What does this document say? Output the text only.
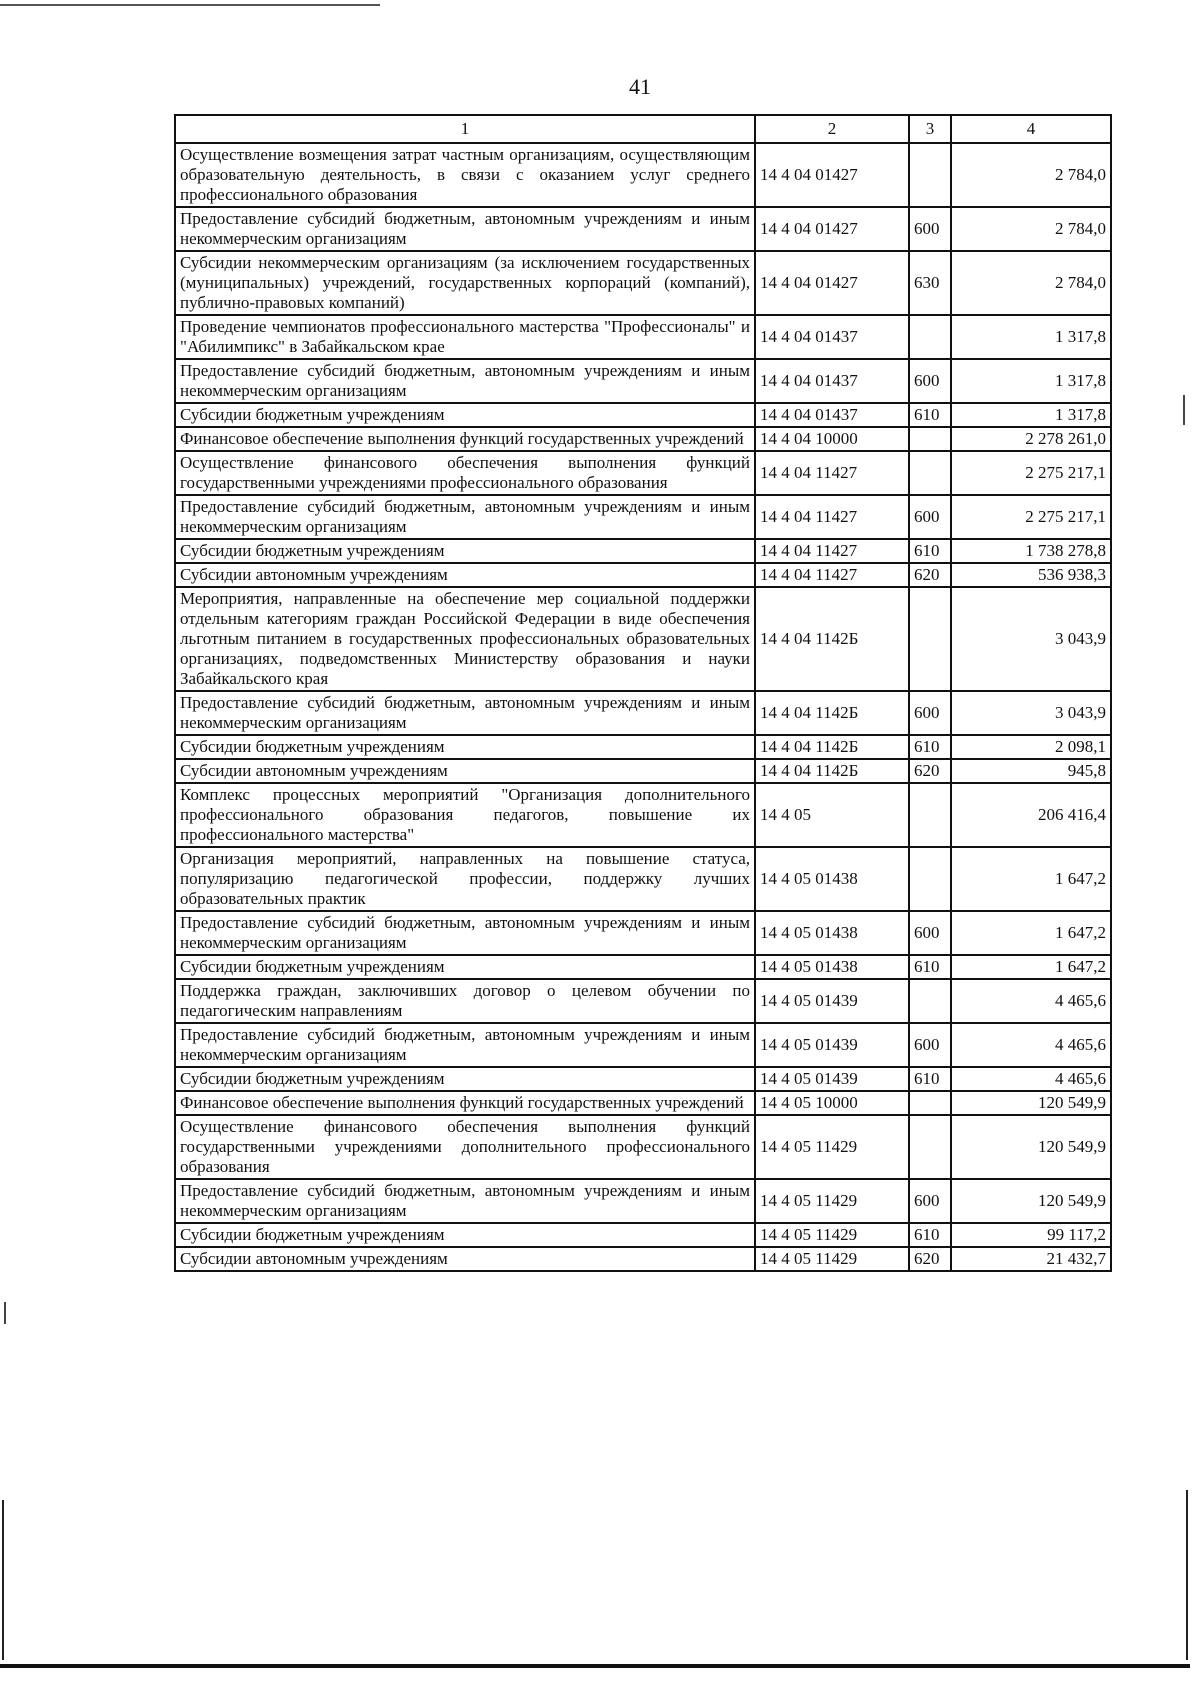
41
1	2	3	4
Осуществление возмещения затрат частным организациям, осуществляющим образовательную деятельность, в связи с оказанием услуг среднего профессионального образования	14 4 04 01427		2 784,0
Предоставление субсидий бюджетным, автономным учреждениям и иным некоммерческим организациям	14 4 04 01427	600	2 784,0
Субсидии некоммерческим организациям (за исключением государственных (муниципальных) учреждений, государственных корпораций (компаний), публично-правовых компаний)	14 4 04 01427	630	2 784,0
Проведение чемпионатов профессионального мастерства "Профессионалы" и "Абилимпикс" в Забайкальском крае	14 4 04 01437		1 317,8
Предоставление субсидий бюджетным, автономным учреждениям и иным некоммерческим организациям	14 4 04 01437	600	1 317,8
Субсидии бюджетным учреждениям	14 4 04 01437	610	1 317,8
Финансовое обеспечение выполнения функций государственных учреждений	14 4 04 10000		2 278 261,0
Осуществление финансового обеспечения выполнения функций государственными учреждениями профессионального образования	14 4 04 11427		2 275 217,1
Предоставление субсидий бюджетным, автономным учреждениям и иным некоммерческим организациям	14 4 04 11427	600	2 275 217,1
Субсидии бюджетным учреждениям	14 4 04 11427	610	1 738 278,8
Субсидии автономным учреждениям	14 4 04 11427	620	536 938,3
Мероприятия, направленные на обеспечение мер социальной поддержки отдельным категориям граждан Российской Федерации в виде обеспечения льготным питанием в государственных профессиональных образовательных организациях, подведомственных Министерству образования и науки Забайкальского края	14 4 04 1142Б		3 043,9
Предоставление субсидий бюджетным, автономным учреждениям и иным некоммерческим организациям	14 4 04 1142Б	600	3 043,9
Субсидии бюджетным учреждениям	14 4 04 1142Б	610	2 098,1
Субсидии автономным учреждениям	14 4 04 1142Б	620	945,8
Комплекс процессных мероприятий "Организация дополнительного профессионального образования педагогов, повышение их профессионального мастерства"	14 4 05		206 416,4
Организация мероприятий, направленных на повышение статуса, популяризацию педагогической профессии, поддержку лучших образовательных практик	14 4 05 01438		1 647,2
Предоставление субсидий бюджетным, автономным учреждениям и иным некоммерческим организациям	14 4 05 01438	600	1 647,2
Субсидии бюджетным учреждениям	14 4 05 01438	610	1 647,2
Поддержка граждан, заключивших договор о целевом обучении по педагогическим направлениям	14 4 05 01439		4 465,6
Предоставление субсидий бюджетным, автономным учреждениям и иным некоммерческим организациям	14 4 05 01439	600	4 465,6
Субсидии бюджетным учреждениям	14 4 05 01439	610	4 465,6
Финансовое обеспечение выполнения функций государственных учреждений	14 4 05 10000		120 549,9
Осуществление финансового обеспечения выполнения функций государственными учреждениями дополнительного профессионального образования	14 4 05 11429		120 549,9
Предоставление субсидий бюджетным, автономным учреждениям и иным некоммерческим организациям	14 4 05 11429	600	120 549,9
Субсидии бюджетным учреждениям	14 4 05 11429	610	99 117,2
Субсидии автономным учреждениям	14 4 05 11429	620	21 432,7
